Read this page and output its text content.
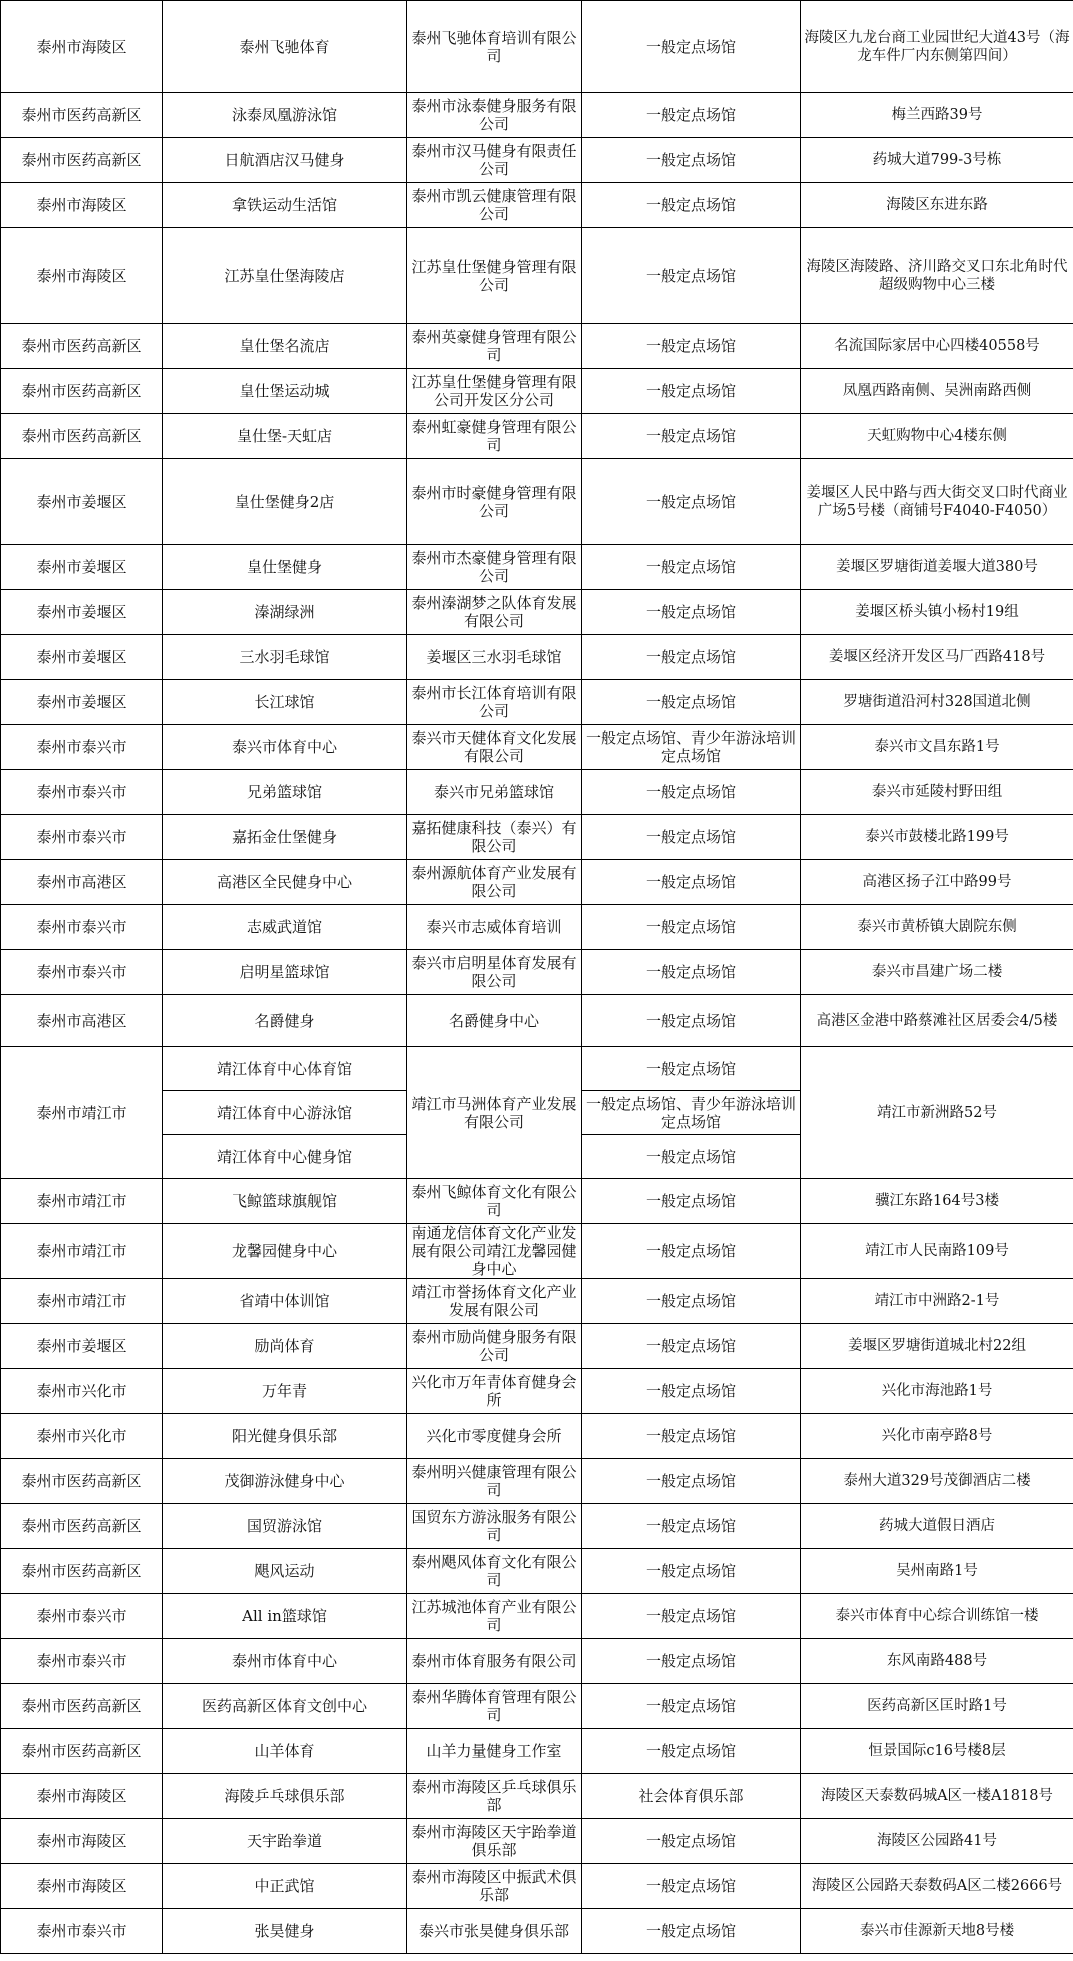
泰州市海陵区	泰州飞驰体育	泰州飞驰体育培训有限公司	一般定点场馆	海陵区九龙台商工业园世纪大道43号（海龙车件厂内东侧第四间）
泰州市医药高新区	泳泰凤凰游泳馆	泰州市泳泰健身服务有限公司	一般定点场馆	梅兰西路39号
泰州市医药高新区	日航酒店汉马健身	泰州市汉马健身有限责任公司	一般定点场馆	药城大道799-3号栋
泰州市海陵区	拿铁运动生活馆	泰州市凯云健康管理有限公司	一般定点场馆	海陵区东进东路
泰州市海陵区	江苏皇仕堡海陵店	江苏皇仕堡健身管理有限公司	一般定点场馆	海陵区海陵路、济川路交叉口东北角时代超级购物中心三楼
泰州市医药高新区	皇仕堡名流店	泰州英豪健身管理有限公司	一般定点场馆	名流国际家居中心四楼40558号
泰州市医药高新区	皇仕堡运动城	江苏皇仕堡健身管理有限公司开发区分公司	一般定点场馆	凤凰西路南侧、吴洲南路西侧
泰州市医药高新区	皇仕堡-天虹店	泰州虹豪健身管理有限公司	一般定点场馆	天虹购物中心4楼东侧
泰州市姜堰区	皇仕堡健身2店	泰州市时豪健身管理有限公司	一般定点场馆	姜堰区人民中路与西大街交叉口时代商业广场5号楼（商铺号F4040-F4050）
泰州市姜堰区	皇仕堡健身	泰州市杰豪健身管理有限公司	一般定点场馆	姜堰区罗塘街道姜堰大道380号
泰州市姜堰区	溱湖绿洲	泰州溱湖梦之队体育发展有限公司	一般定点场馆	姜堰区桥头镇小杨村19组
泰州市姜堰区	三水羽毛球馆	姜堰区三水羽毛球馆	一般定点场馆	姜堰区经济开发区马厂西路418号
泰州市姜堰区	长江球馆	泰州市长江体育培训有限公司	一般定点场馆	罗塘街道沿河村328国道北侧
泰州市泰兴市	泰兴市体育中心	泰兴市天健体育文化发展有限公司	一般定点场馆、青少年游泳培训定点场馆	泰兴市文昌东路1号
泰州市泰兴市	兄弟篮球馆	泰兴市兄弟篮球馆	一般定点场馆	泰兴市延陵村野田组
泰州市泰兴市	嘉拓金仕堡健身	嘉拓健康科技（泰兴）有限公司	一般定点场馆	泰兴市鼓楼北路199号
泰州市高港区	高港区全民健身中心	泰州源航体育产业发展有限公司	一般定点场馆	高港区扬子江中路99号
泰州市泰兴市	志威武道馆	泰兴市志威体育培训	一般定点场馆	泰兴市黄桥镇大剧院东侧
泰州市泰兴市	启明星篮球馆	泰兴市启明星体育发展有限公司	一般定点场馆	泰兴市昌建广场二楼
泰州市高港区	名爵健身	名爵健身中心	一般定点场馆	高港区金港中路蔡滩社区居委会4/5楼
泰州市靖江市	靖江体育中心体育馆	靖江市马洲体育产业发展有限公司	一般定点场馆	靖江市新洲路52号
	靖江体育中心游泳馆		一般定点场馆、青少年游泳培训定点场馆	
	靖江体育中心健身馆		一般定点场馆	
泰州市靖江市	飞鲸篮球旗舰馆	泰州飞鲸体育文化有限公司	一般定点场馆	骥江东路164号3楼
泰州市靖江市	龙馨园健身中心	南通龙信体育文化产业发展有限公司靖江龙馨园健身中心	一般定点场馆	靖江市人民南路109号
泰州市靖江市	省靖中体训馆	靖江市誉扬体育文化产业发展有限公司	一般定点场馆	靖江市中洲路2-1号
泰州市姜堰区	励尚体育	泰州市励尚健身服务有限公司	一般定点场馆	姜堰区罗塘街道城北村22组
泰州市兴化市	万年青	兴化市万年青体育健身会所	一般定点场馆	兴化市海池路1号
泰州市兴化市	阳光健身俱乐部	兴化市零度健身会所	一般定点场馆	兴化市南亭路8号
泰州市医药高新区	茂御游泳健身中心	泰州明兴健康管理有限公司	一般定点场馆	泰州大道329号茂御酒店二楼
泰州市医药高新区	国贸游泳馆	国贸东方游泳服务有限公司	一般定点场馆	药城大道假日酒店
泰州市医药高新区	飓风运动	泰州飓风体育文化有限公司	一般定点场馆	吴州南路1号
泰州市泰兴市	All in篮球馆	江苏城池体育产业有限公司	一般定点场馆	泰兴市体育中心综合训练馆一楼
泰州市泰兴市	泰州市体育中心	泰州市体育服务有限公司	一般定点场馆	东风南路488号
泰州市医药高新区	医药高新区体育文创中心	泰州华腾体育管理有限公司	一般定点场馆	医药高新区匡时路1号
泰州市医药高新区	山羊体育	山羊力量健身工作室	一般定点场馆	恒景国际c16号楼8层
泰州市海陵区	海陵乒乓球俱乐部	泰州市海陵区乒乓球俱乐部	社会体育俱乐部	海陵区天泰数码城A区一楼A1818号
泰州市海陵区	天宇跆拳道	泰州市海陵区天宇跆拳道俱乐部	一般定点场馆	海陵区公园路41号
泰州市海陵区	中正武馆	泰州市海陵区中振武术俱乐部	一般定点场馆	海陵区公园路天泰数码A区二楼2666号
泰州市泰兴市	张昊健身	泰兴市张昊健身俱乐部	一般定点场馆	泰兴市佳源新天地8号楼
